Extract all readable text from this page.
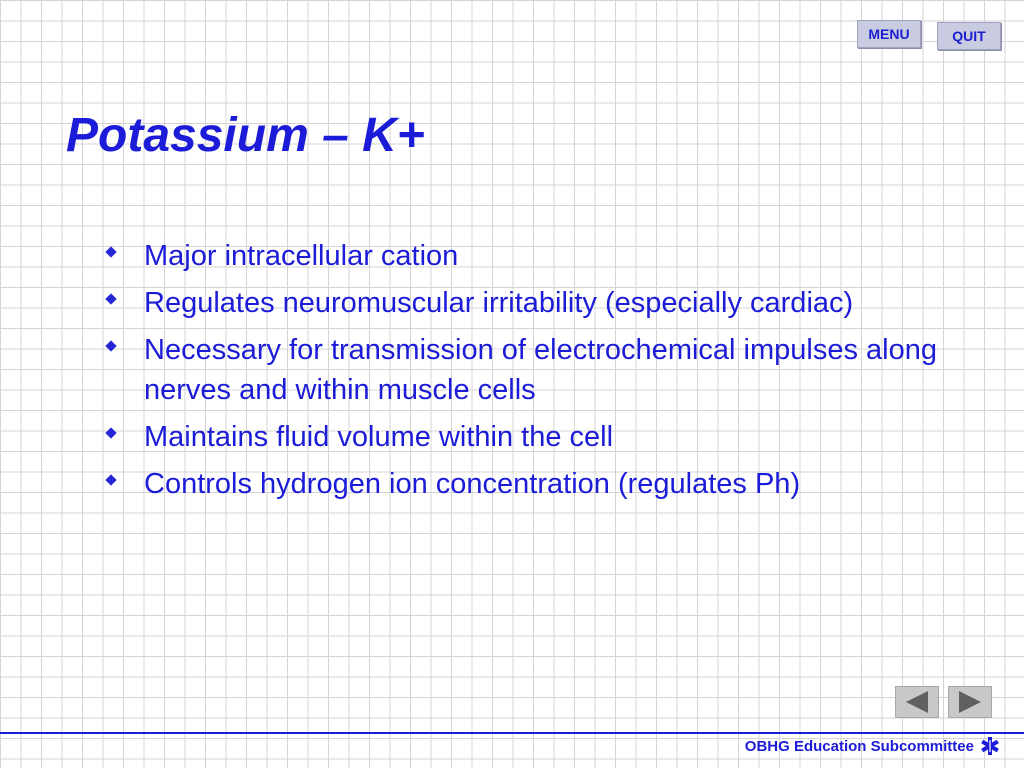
MENU	QUIT
Potassium – K+
Major intracellular cation
Regulates neuromuscular irritability (especially cardiac)
Necessary for transmission of electrochemical impulses along nerves and within muscle cells
Maintains fluid volume within the cell
Controls hydrogen ion concentration (regulates Ph)
OBHG Education Subcommittee
